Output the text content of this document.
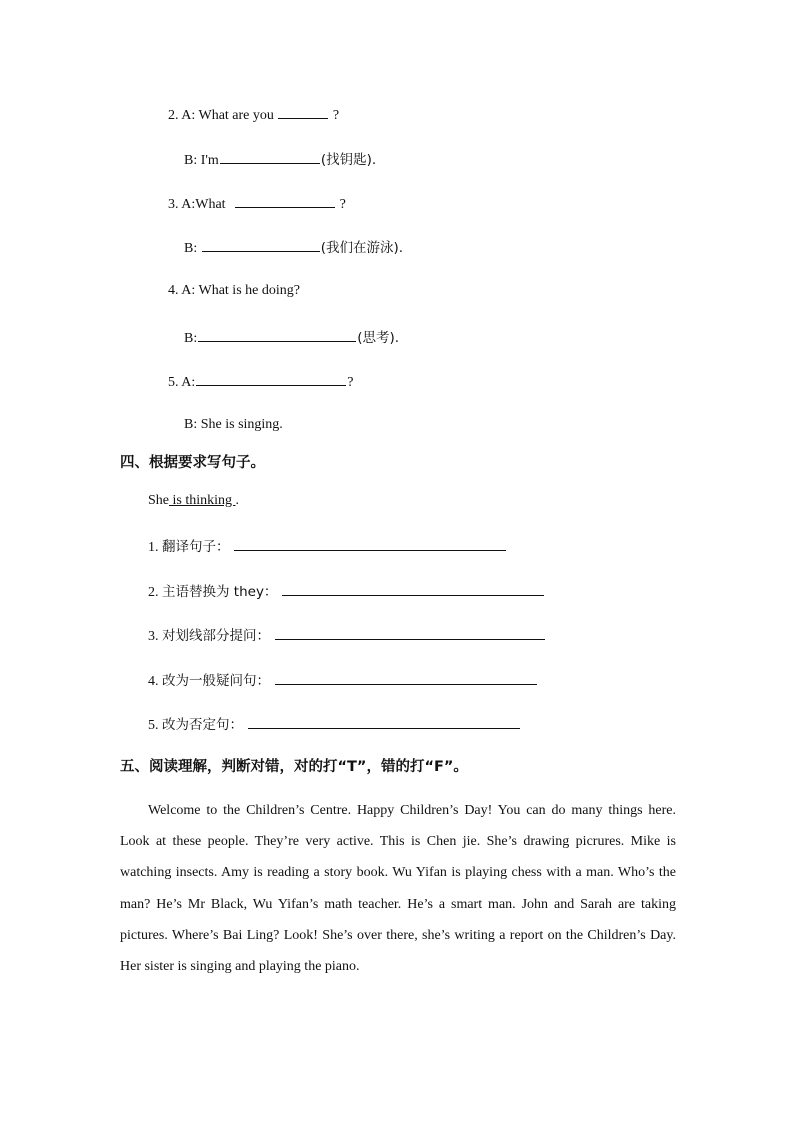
2. A: What are you	?
B: I'm	(找钥匙).
3. A:What	?
B:	(我们在游泳).
4. A: What is he doing?
B:	(思考).
5. A:	?
B: She is singing.
四、根据要求写句子。
She is thinking .
1. 翻译句子：
2. 主语替换为 they：
3. 对划线部分提问：
4. 改为一般疑问句：
5. 改为否定句：
五、阅读理解，判断对错，对的打“T”，错的打“F”。
Welcome to the Children’s Centre. Happy Children’s Day! You can do many things here. Look at these people. They’re very active. This is Chen jie. She’s drawing picrures. Mike is watching insects. Amy is reading a story book. Wu Yifan is playing chess with a man. Who’s the man? He’s Mr Black, Wu Yifan’s math teacher. He’s a smart man. John and Sarah are taking pictures. Where’s Bai Ling? Look! She’s over there, she’s writing a report on the Children’s Day. Her sister is singing and playing the piano.
